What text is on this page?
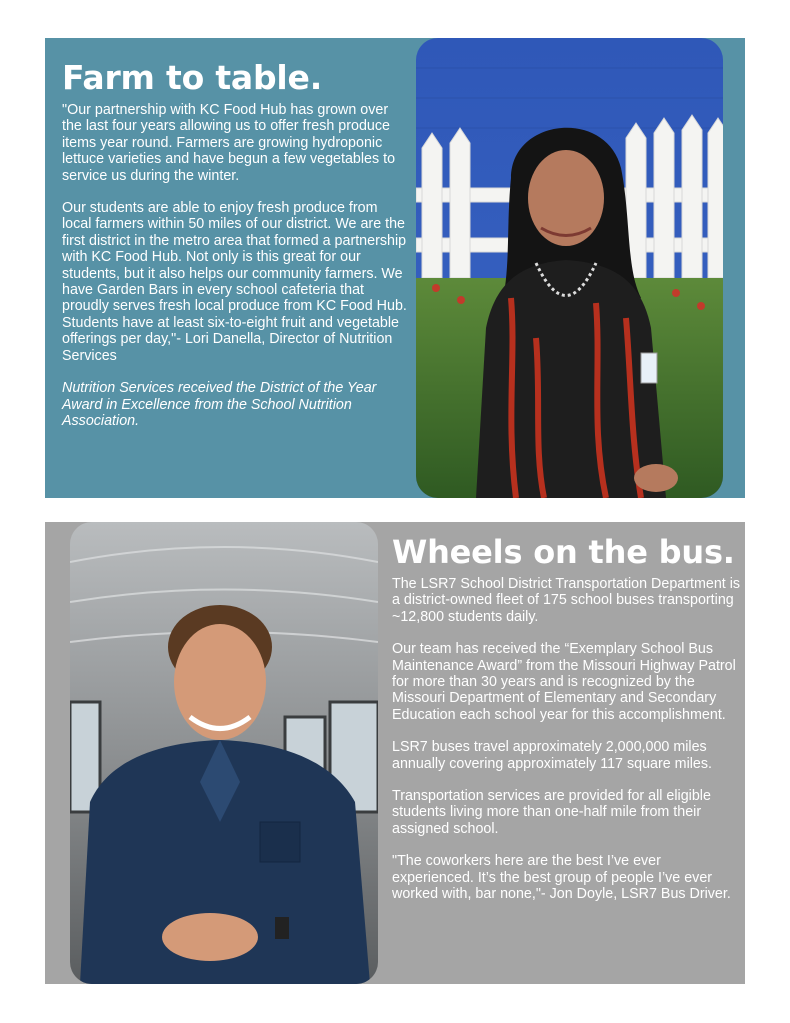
Farm to table.

"Our partnership with KC Food Hub has grown over the last four years allowing us to offer fresh produce items year round. Farmers are growing hydroponic lettuce varieties and have begun a few vegetables to service us during the winter.

Our students are able to enjoy fresh produce from local farmers within 50 miles of our district. We are the first district in the metro area that formed a partnership with KC Food Hub. Not only is this great for our students, but it also helps our community farmers. We have Garden Bars in every school cafeteria that proudly serves fresh local produce from KC Food Hub. Students have at least six-to-eight fruit and vegetable offerings per day,"- Lori Danella, Director of Nutrition Services

Nutrition Services received the District of the Year Award in Excellence from the School Nutrition Association.

Wheels on the bus.

The LSR7 School District Transportation Department is a district-owned fleet of 175 school buses transporting ~12,800 students daily.

Our team has received the “Exemplary School Bus Maintenance Award” from the Missouri Highway Patrol for more than 30 years and is recognized by the Missouri Department of Elementary and Secondary Education each school year for this accomplishment.

LSR7 buses travel approximately 2,000,000 miles annually covering approximately 117 square miles.

Transportation services are provided for all eligible students living more than one-half mile from their assigned school.

"The coworkers here are the best I’ve ever experienced. It’s the best group of people I’ve ever worked with, bar none,"- Jon Doyle, LSR7 Bus Driver.
